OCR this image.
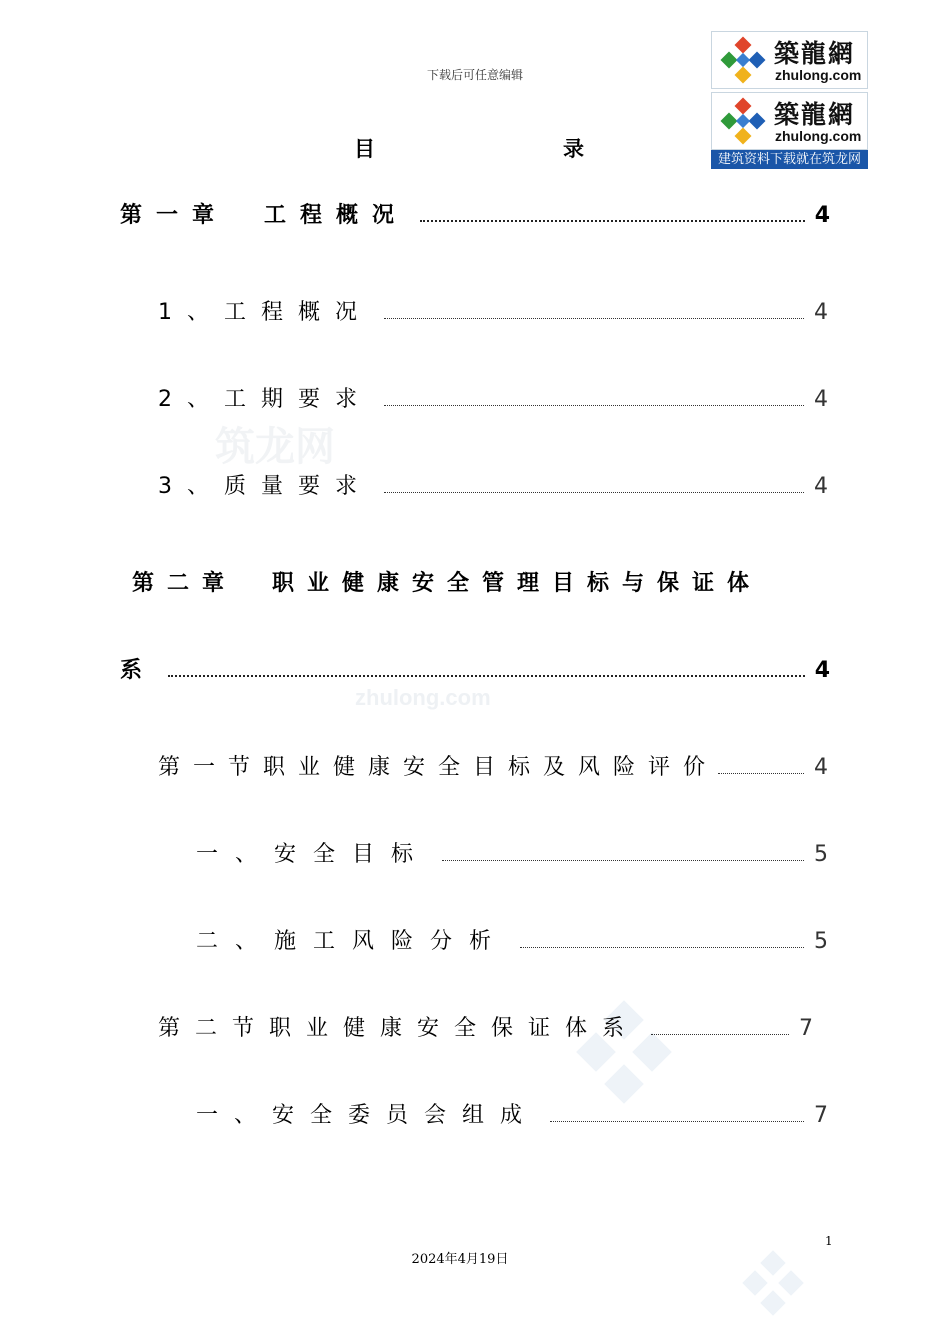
下载后可任意编辑
築龍網
zhulong.com
築龍網
zhulong.com
建筑资料下载就在筑龙网
筑龙网
zhulong.com
目	录
第一章　工程概况	4
1、工程概况	4
2、工期要求	4
3、质量要求	4
第二章　职业健康安全管理目标与保证体
系	4
第一节职业健康安全目标及风险评价	4
一、安全目标	5
二、施工风险分析	5
第二节职业健康安全保证体系	7
一、安全委员会组成	7
1
2024年4月19日
